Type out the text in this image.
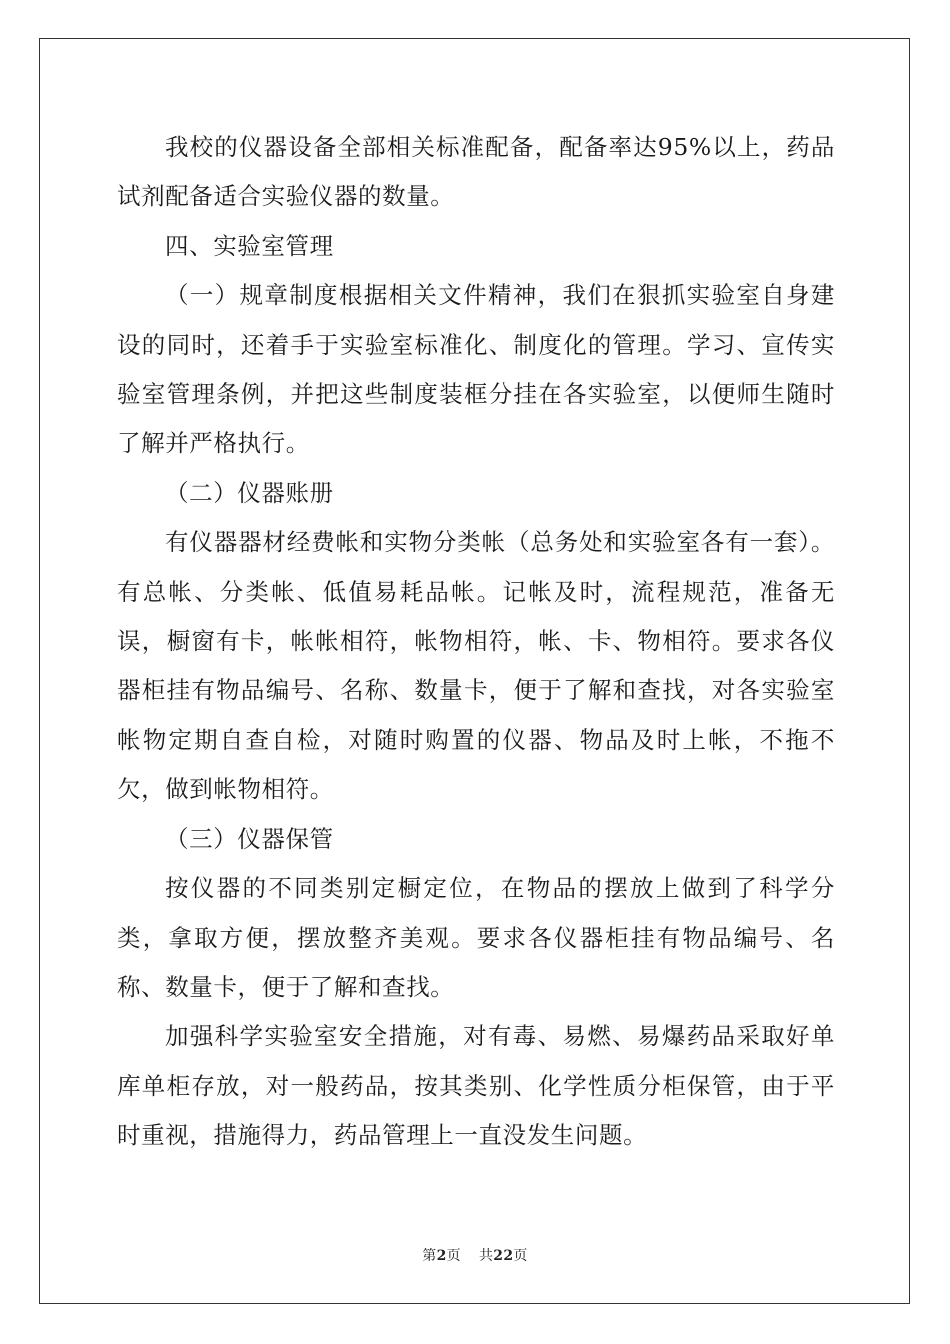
我校的仪器设备全部相关标准配备，配备率达95%以上，药品试剂配备适合实验仪器的数量。

四、实验室管理

（一）规章制度根据相关文件精神，我们在狠抓实验室自身建设的同时，还着手于实验室标准化、制度化的管理。学习、宣传实验室管理条例，并把这些制度装框分挂在各实验室，以便师生随时了解并严格执行。

（二）仪器账册

有仪器器材经费帐和实物分类帐（总务处和实验室各有一套）。有总帐、分类帐、低值易耗品帐。记帐及时，流程规范，准备无误，橱窗有卡，帐帐相符，帐物相符，帐、卡、物相符。要求各仪器柜挂有物品编号、名称、数量卡，便于了解和查找，对各实验室帐物定期自查自检，对随时购置的仪器、物品及时上帐，不拖不欠，做到帐物相符。

（三）仪器保管

按仪器的不同类别定橱定位，在物品的摆放上做到了科学分类，拿取方便，摆放整齐美观。要求各仪器柜挂有物品编号、名称、数量卡，便于了解和查找。

加强科学实验室安全措施，对有毒、易燃、易爆药品采取好单库单柜存放，对一般药品，按其类别、化学性质分柜保管，由于平时重视，措施得力，药品管理上一直没发生问题。

第2页 共22页
